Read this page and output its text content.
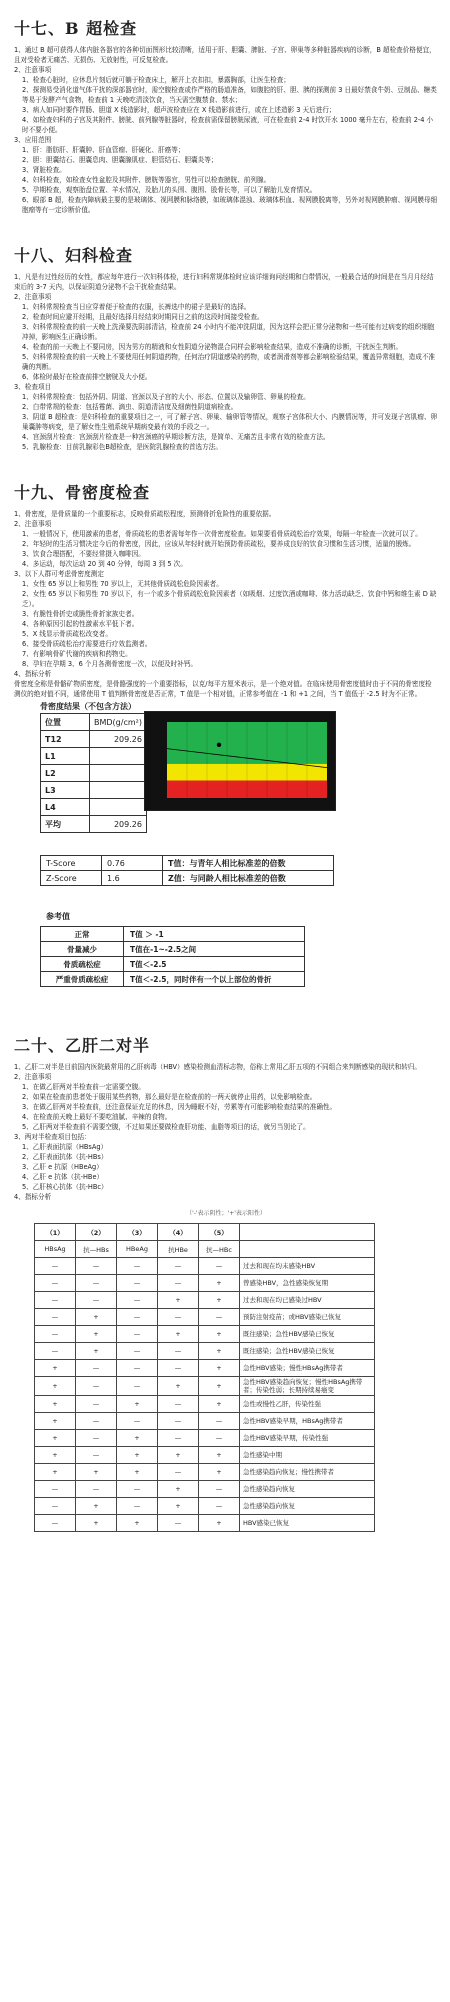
十七、B 超检查

1、通过 B 超可获得人体内脏各器官的各种切面图形比较清晰，适用于肝、胆囊、脾脏、子宫、卵巢等多种脏器疾病的诊断，B 超检查价格便宜，且对受检者无痛苦、无损伤、无放射性，可反复检查。

2、注意事项

1、检查心脏时，应休息片刻后就可躺于检查床上，解开上衣扣扣，暴露胸部，让医生检查；

2、探测易受消化道气体干扰的深部器官时，需空腹检查或作严格的肠道准备，如腹腔的肝、胆、胰的探测前 3 日最好禁食牛奶、豆制品、糖类等易于发酵产气食物，检查前 1 天晚吃清淡饮食，当天需空腹禁食、禁水；

3、病人如同时要作胃肠、胆道 X 线造影时，超声波检查应在 X 线造影前进行，或在上述造影 3 天后进行；

4、如检查妇科的子宫及其附件、膀胱、前列腺等脏器时，检查前需保留膀胱尿液，可在检查前 2-4 时饮开水 1000 毫升左右，检查前 2-4 小时不要小便。

3、应用范围

1、肝：脂肪肝、肝囊肿、肝血管瘤、肝硬化、肝癌等；

2、胆：胆囊结石、胆囊息肉、胆囊腺肌症、胆管结石、胆囊炎等；

3、肾脏检查。

4、妇科检查，如检查女性盆腔及其附件、膀胱等器官，男性可以检查膀胱、前列腺。

5、孕期检查，观察胎盘位置、羊水情况，及胎儿的头围、腹围、股骨长等，可以了解胎儿发育情况。

6、眼部 B 超，检查内障病最主要的是玻璃体、视网膜和脉络膜，如玻璃体混浊、玻璃体积血、视网膜脱离等，另外对视网膜肿瘤、视网膜母细胞瘤等有一定诊断价值。

十八、妇科检查

1、凡是有过性经历的女性，都应每年进行一次妇科体检，进行妇科常规体检时应该详细询问经期和白带情况，一般最合适的时间是在当月月经结束后的 3-7 天内，以保证阴道分泌物不会干扰检查结果。

2、注意事项

1、妇科常规检查当日应穿着便于检查的衣服，长裤选中的裙子是最好的选择。

2、检查时间应避开经期，且最好选择月经结束时期同日之前的这段时间接受检查。

3、妇科常规检查的前一天晚上洗澡要洗阴部清洁，检查前 24 小时内不能冲洗阴道，因为这样会把正常分泌物和一些可能有过病变的组织细胞冲掉，影响医生正确诊断。

4、检查的前一天晚上不要同房，因为男方的精液和女性阴道分泌物混合同样会影响检查结果，造成不准确的诊断，干扰医生判断。

5、妇科常规检查的前一天晚上不要使用任何阴道药物，任何治疗阴道感染的药物，或者润滑剂等都会影响检验结果，覆盖异常细胞，造成不准确的判断。

6、体检时最好在检查前排空膀胱及大小便。

3、检查项目

1、妇科常规检查：包括外阴、阴道、宫颈以及子宫的大小、形态、位置以及输卵管、卵巢的检查。

2、白带常规的检查：包括霉菌、滴虫、阴道清洁度及细菌性阴道病检查。

3、阴道 B 超检查：是妇科检查的重要项目之一，可了解子宫、卵巢、输卵管等情况，观察子宫体积大小、内膜情况等，并可发现子宫肌瘤、卵巢囊肿等病变，是了解女性生殖系统早期病变最有效的手段之一。

4、宫颈刮片检查：宫颈刮片检查是一种宫颈癌的早期诊断方法，是简单、无痛苦且非常有效的检查方法。

5、乳腺检查：目前乳腺彩色B超检查，是医院乳腺检查的首选方法。

十九、骨密度检查

1、骨密度，是骨质量的一个重要标志，反映骨质疏松程度，预测骨折危险性的重要依据。

2、注意事项

1、一般情况下，使用激素的患者，骨质疏松的患者需每年作一次骨密度检查。如果要看骨质疏松治疗效果，每隔一年检查一次就可以了。

2、年轻时的生活习惯决定今后的骨密度，因此，应该从年轻时就开始预防骨质疏松，要养成良好的饮食习惯和生活习惯，适量的锻炼。

3、饮食合理搭配，不要经常摄入咖啡因。

4、多运动，每次运动 20 到 40 分钟，每周 3 到 5 次。

3、以下人群可考虑骨密度测定

1、女性 65 岁以上和男性 70 岁以上，无其他骨质疏松危险因素者。

2、女性 65 岁以下和男性 70 岁以下，有一个或多个骨质疏松危险因素者（如吸烟、过度饮酒或咖啡、体力活动缺乏、饮食中钙和维生素 D 缺乏）。

3、有脆性骨折史或脆性骨折家族史者。

4、各种原因引起的性激素水平低下者。

5、X 线显示骨质疏松改变者。

6、接受骨质疏松治疗需要进行疗效监测者。

7、有影响骨矿代谢的疾病和药物史。

8、孕妇在孕期 3、6 个月各测骨密度一次，以便及时补钙。

4、指标分析

骨密度全称是骨骼矿物质密度，是骨骼强度的一个重要指标，以克/每平方厘米表示，是一个绝对值。在临床使用骨密度值时由于不同的骨密度检测仪的绝对值不同，通常使用 T 值判断骨密度是否正常，T 值是一个相对值，正常参考值在 -1 和 +1 之间，当 T 值低于 -2.5 时为不正常。

骨密度结果（不包含方法）
位置	BMD(g/cm²)
T12	209.26
L1	
L2	
L3	
L4	
平均	209.26
T-Score	0.76	T值：与青年人相比标准差的倍数
Z-Score	1.6	Z值：与同龄人相比标准差的倍数
参考值
正常	T值 ＞ -1
骨量减少	T值在-1~-2.5之间
骨质疏松症	T值＜-2.5
严重骨质疏松症	T值＜-2.5，同时伴有一个以上部位的骨折
二十、乙肝二对半

1、乙肝二对半是目前国内医院最常用的乙肝病毒（HBV）感染检测血清标志物，俗称上常用乙肝五项的不同组合来判断感染的现状和转归。

2、注意事项

1、在做乙肝两对半检查前一定需要空腹。

2、如果在检查前患者处于服用某些药物，那么最好是在检查前的一两天就停止用药，以免影响检查。

3、在做乙肝两对半检查前，还注意保证充足的休息，因为睡眠不好，劳累等有可能影响检查结果的准确性。

4、在检查前天晚上最好不要吃油腻、辛辣的食物。

5、乙肝两对半检查前不需要空腹，不过如果还要做检查肝功能、血脂等项目的话，就另当别论了。

3、两对半检查项目包括：

1、乙肝表面抗原（HBsAg）

2、乙肝表面抗体（抗-HBs）

3、乙肝 e 抗原（HBeAg）

4、乙肝 e 抗体（抗-HBe）

5、乙肝核心抗体（抗-HBc）

4、指标分析

（'-'表示阴性；'+'表示阳性）
（1）	（2）	（3）	（4）	（5）	
HBsAg	抗—HBs	HBeAg	抗HBe	抗—HBc	
—	—	—	—	—	过去和现在均未感染HBV
—	—	—	—	+	曾感染HBV，急性感染恢复期
—	—	—	+	+	过去和现在均已感染过HBV
—	+	—	—	—	预防注射疫苗；或HBV感染已恢复
—	+	—	+	+	既往感染；急性HBV感染已恢复
—	+	—	—	+	既往感染；急性HBV感染已恢复
+	—	—	—	+	急性HBV感染；慢性HBsAg携带者
+	—	—	+	+	急性HBV感染趋向恢复；慢性HBsAg携带者；传染性弱；长期持续易癌变
+	—	+	—	+	急性或慢性乙肝，传染性强
+	—	—	—	—	急性HBV感染早期，HBsAg携带者
+	—	+	—	—	急性HBV感染早期，传染性强
+	—	+	+	+	急性感染中期
+	+	+	—	+	急性感染趋向恢复；慢性携带者
—	—	—	+	—	急性感染趋向恢复
—	+	—	+	—	急性感染趋向恢复
—	+	+	—	+	HBV感染已恢复
